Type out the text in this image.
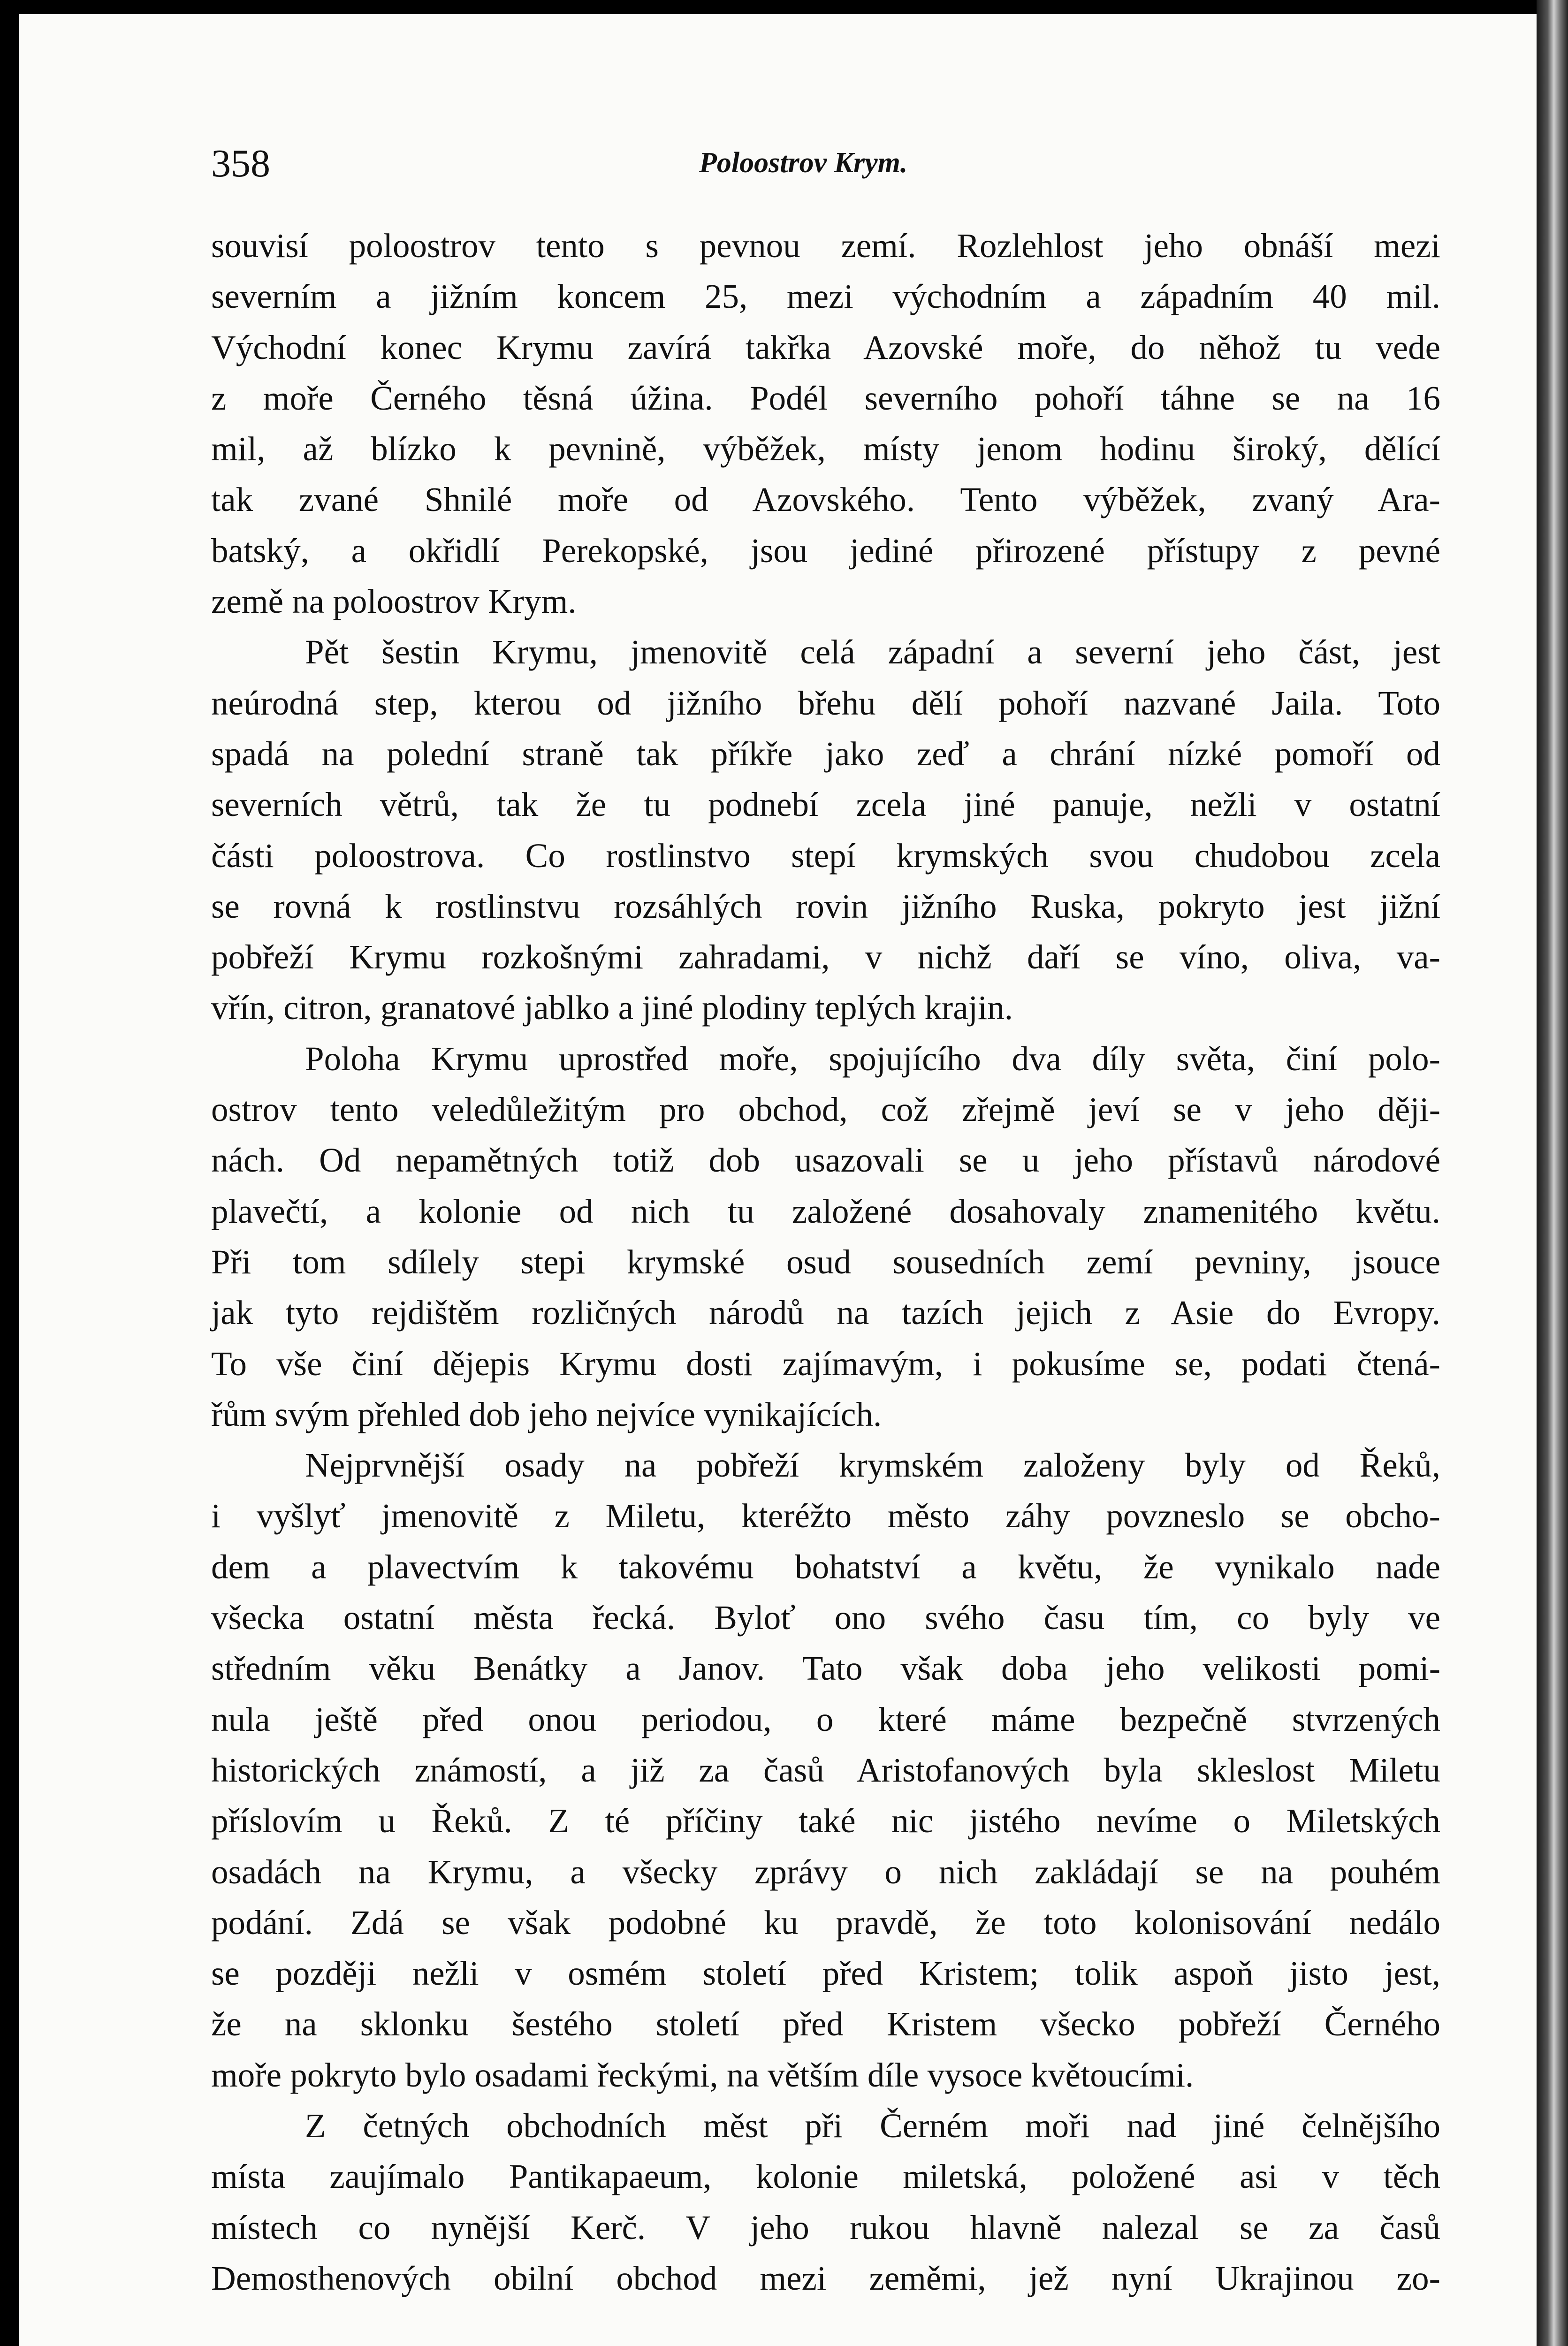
358	Poloostrov Krym.
souvisí poloostrov tento s pevnou zemí. Rozlehlost jeho obnáší mezi
severním a jižním koncem 25, mezi východním a západním 40 mil.
Východní konec Krymu zavírá takřka Azovské moře, do něhož tu vede
z moře Černého těsná úžina. Podél severního pohoří táhne se na 16
mil, až blízko k pevnině, výběžek, místy jenom hodinu široký, dělící
tak zvané Shnilé moře od Azovského. Tento výběžek, zvaný Ara-
batský, a okřidlí Perekopské, jsou jediné přirozené přístupy z pevné
země na poloostrov Krym.
Pět šestin Krymu, jmenovitě celá západní a severní jeho část, jest
neúrodná step, kterou od jižního břehu dělí pohoří nazvané Jaila. Toto
spadá na polední straně tak příkře jako zeď a chrání nízké pomoří od
severních větrů, tak že tu podnebí zcela jiné panuje, nežli v ostatní
části poloostrova. Co rostlinstvo stepí krymských svou chudobou zcela
se rovná k rostlinstvu rozsáhlých rovin jižního Ruska, pokryto jest jižní
pobřeží Krymu rozkošnými zahradami, v nichž daří se víno, oliva, va-
vřín, citron, granatové jablko a jiné plodiny teplých krajin.
Poloha Krymu uprostřed moře, spojujícího dva díly světa, činí polo-
ostrov tento veledůležitým pro obchod, což zřejmě jeví se v jeho ději-
nách. Od nepamětných totiž dob usazovali se u jeho přístavů národové
plavečtí, a kolonie od nich tu založené dosahovaly znamenitého květu.
Při tom sdílely stepi krymské osud sousedních zemí pevniny, jsouce
jak tyto rejdištěm rozličných národů na tazích jejich z Asie do Evropy.
To vše činí dějepis Krymu dosti zajímavým, i pokusíme se, podati čtená-
řům svým přehled dob jeho nejvíce vynikajících.
Nejprvnější osady na pobřeží krymském založeny byly od Řeků,
i vyšlyť jmenovitě z Miletu, kteréžto město záhy povzneslo se obcho-
dem a plavectvím k takovému bohatství a květu, že vynikalo nade
všecka ostatní města řecká. Byloť ono svého času tím, co byly ve
středním věku Benátky a Janov. Tato však doba jeho velikosti pomi-
nula ještě před onou periodou, o které máme bezpečně stvrzených
historických známostí, a již za časů Aristofanových byla skleslost Miletu
příslovím u Řeků. Z té příčiny také nic jistého nevíme o Miletských
osadách na Krymu, a všecky zprávy o nich zakládají se na pouhém
podání. Zdá se však podobné ku pravdě, že toto kolonisování nedálo
se později nežli v osmém století před Kristem; tolik aspoň jisto jest,
že na sklonku šestého století před Kristem všecko pobřeží Černého
moře pokryto bylo osadami řeckými, na větším díle vysoce květoucími.
Z četných obchodních měst při Černém moři nad jiné čelnějšího
místa zaujímalo Pantikapaeum, kolonie miletská, položené asi v těch
místech co nynější Kerč. V jeho rukou hlavně nalezal se za časů
Demosthenových obilní obchod mezi zeměmi, jež nyní Ukrajinou zo-
